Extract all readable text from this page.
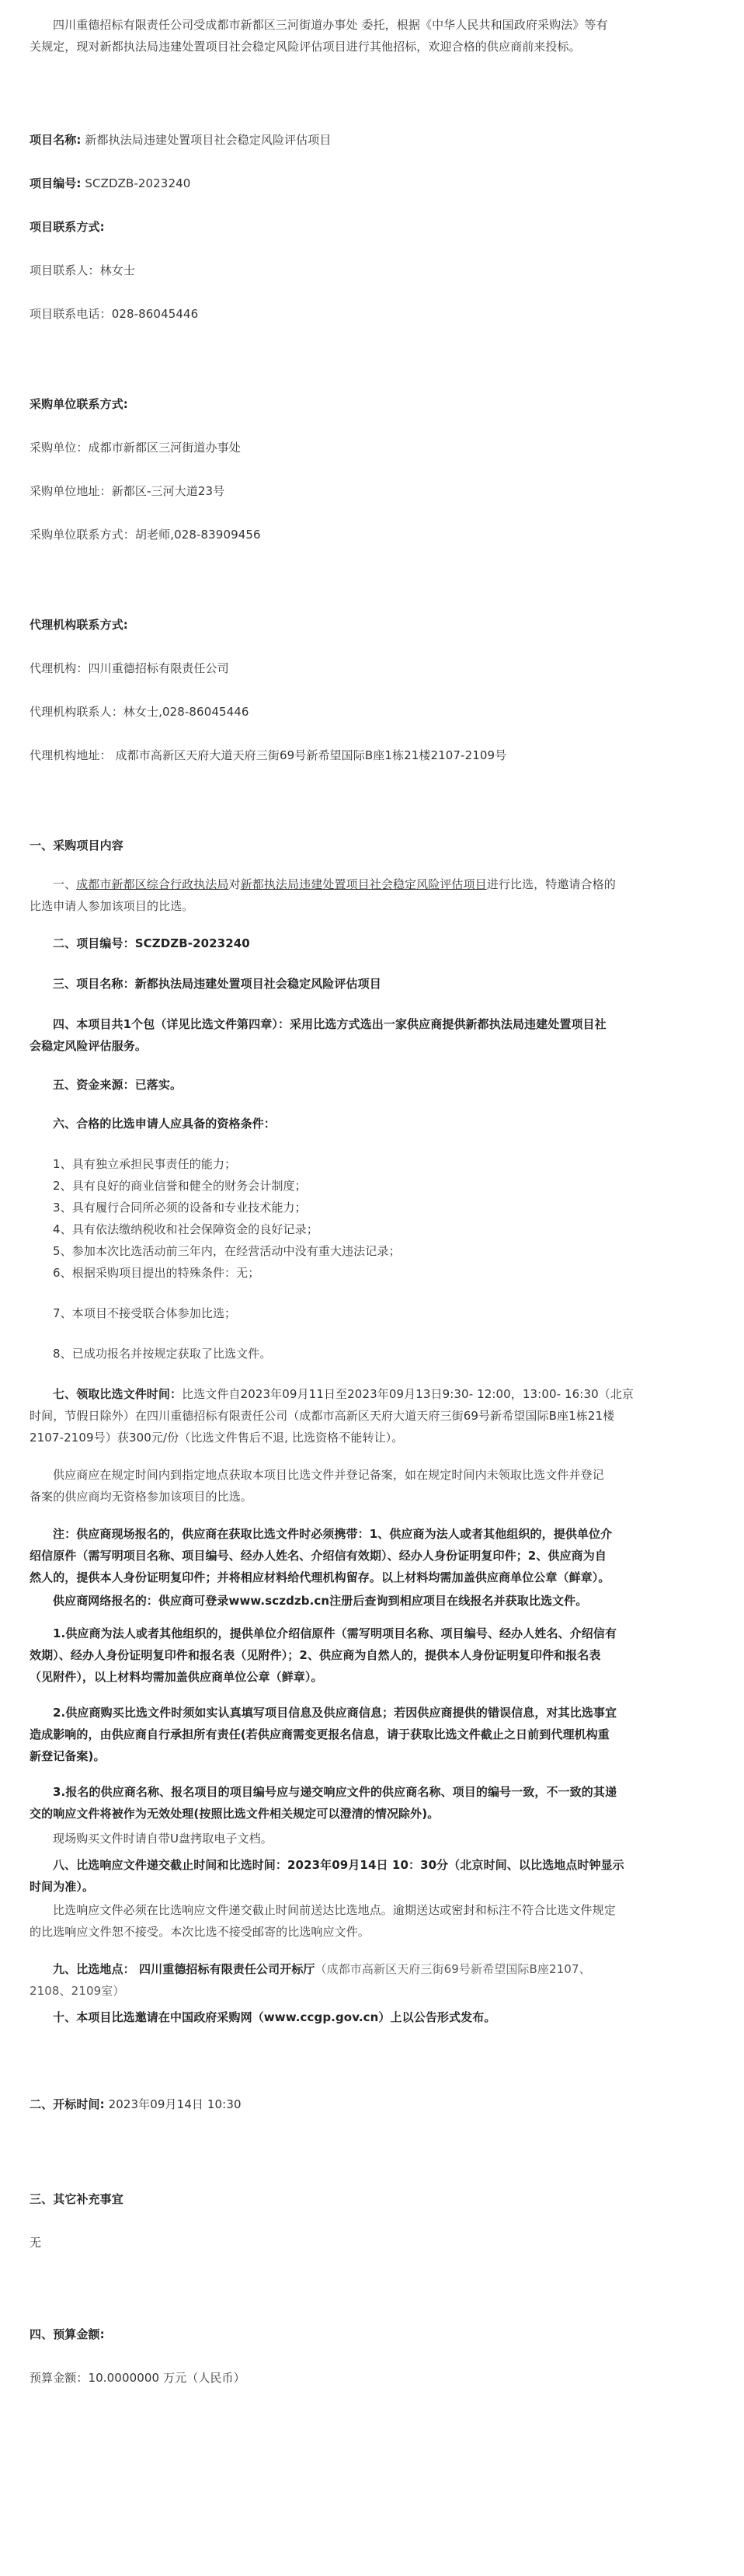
四川重德招标有限责任公司受成都市新都区三河街道办事处 委托，根据《中华人民共和国政府采购法》等有
关规定，现对新都执法局违建处置项目社会稳定风险评估项目进行其他招标，欢迎合格的供应商前来投标。
项目名称: 新都执法局违建处置项目社会稳定风险评估项目
项目编号: SCZDZB-2023240
项目联系方式:
项目联系人：林女士
项目联系电话：028-86045446
采购单位联系方式:
采购单位：成都市新都区三河街道办事处
采购单位地址：新都区-三河大道23号
采购单位联系方式：胡老师,028-83909456
代理机构联系方式:
代理机构：四川重德招标有限责任公司
代理机构联系人：林女士,028-86045446
代理机构地址： 成都市高新区天府大道天府三街69号新希望国际B座1栋21楼2107-2109号
一、采购项目内容
一、成都市新都区综合行政执法局对新都执法局违建处置项目社会稳定风险评估项目进行比选，特邀请合格的
比选申请人参加该项目的比选。
二、项目编号：SCZDZB-2023240
三、项目名称：新都执法局违建处置项目社会稳定风险评估项目
四、本项目共1个包（详见比选文件第四章）：采用比选方式选出一家供应商提供新都执法局违建处置项目社
会稳定风险评估服务。
五、资金来源：已落实。
六、合格的比选申请人应具备的资格条件：
1、具有独立承担民事责任的能力；
2、具有良好的商业信誉和健全的财务会计制度；
3、具有履行合同所必须的设备和专业技术能力；
4、具有依法缴纳税收和社会保障资金的良好记录；
5、参加本次比选活动前三年内，在经营活动中没有重大违法记录；
6、根据采购项目提出的特殊条件：无；
7、本项目不接受联合体参加比选；
8、已成功报名并按规定获取了比选文件。
七、领取比选文件时间：比选文件自2023年09月11日至2023年09月13日9:30- 12:00，13:00- 16:30（北京
时间，节假日除外）在四川重德招标有限责任公司（成都市高新区天府大道天府三街69号新希望国际B座1栋21楼
2107-2109号）获300元/份（比选文件售后不退, 比选资格不能转让）。
供应商应在规定时间内到指定地点获取本项目比选文件并登记备案，如在规定时间内未领取比选文件并登记
备案的供应商均无资格参加该项目的比选。
注：供应商现场报名的，供应商在获取比选文件时必须携带：1、供应商为法人或者其他组织的，提供单位介
绍信原件（需写明项目名称、项目编号、经办人姓名、介绍信有效期）、经办人身份证明复印件；2、供应商为自
然人的，提供本人身份证明复印件；并将相应材料给代理机构留存。以上材料均需加盖供应商单位公章（鲜章）。
供应商网络报名的：供应商可登录www.sczdzb.cn注册后查询到相应项目在线报名并获取比选文件。
1.供应商为法人或者其他组织的，提供单位介绍信原件（需写明项目名称、项目编号、经办人姓名、介绍信有
效期）、经办人身份证明复印件和报名表（见附件）；2、供应商为自然人的，提供本人身份证明复印件和报名表
（见附件），以上材料均需加盖供应商单位公章（鲜章）。
2.供应商购买比选文件时须如实认真填写项目信息及供应商信息；若因供应商提供的错误信息，对其比选事宜
造成影响的，由供应商自行承担所有责任(若供应商需变更报名信息，请于获取比选文件截止之日前到代理机构重
新登记备案)。
3.报名的供应商名称、报名项目的项目编号应与递交响应文件的供应商名称、项目的编号一致，不一致的其递
交的响应文件将被作为无效处理(按照比选文件相关规定可以澄清的情况除外)。
现场购买文件时请自带U盘拷取电子文档。
八、比选响应文件递交截止时间和比选时间：2023年09月14日 10：30分（北京时间、以比选地点时钟显示
时间为准）。
比选响应文件必须在比选响应文件递交截止时间前送达比选地点。逾期送达或密封和标注不符合比选文件规定
的比选响应文件恕不接受。本次比选不接受邮寄的比选响应文件。
九、比选地点： 四川重德招标有限责任公司开标厅（成都市高新区天府三街69号新希望国际B座2107、
2108、2109室）
十、本项目比选邀请在中国政府采购网（www.ccgp.gov.cn）上以公告形式发布。
二、开标时间: 2023年09月14日 10:30
三、其它补充事宜
无
四、预算金额:
预算金额：10.0000000 万元（人民币）
